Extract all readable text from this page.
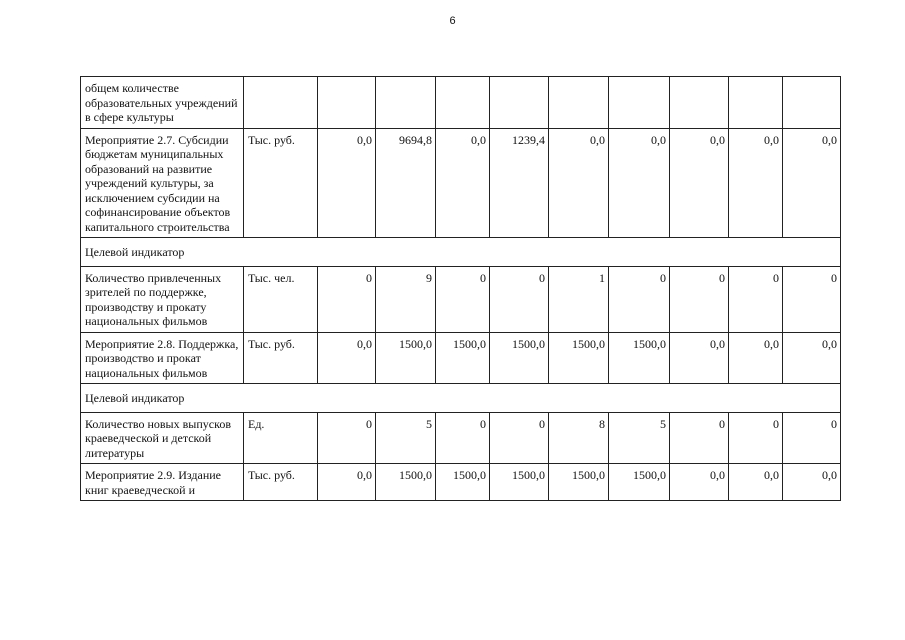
6
общем количестве образовательных учреждений в сфере культуры										
Мероприятие 2.7. Субсидии бюджетам муниципальных образований на развитие учреждений культуры, за исключением субсидии на софинансирование объектов капитального строительства	Тыс. руб.	0,0	9694,8	0,0	1239,4	0,0	0,0	0,0	0,0	0,0
Целевой индикатор										
Количество привлеченных зрителей по поддержке, производству и прокату национальных фильмов	Тыс. чел.	0	9	0	0	1	0	0	0	0
Мероприятие 2.8. Поддержка, производство и прокат национальных фильмов	Тыс. руб.	0,0	1500,0	1500,0	1500,0	1500,0	1500,0	0,0	0,0	0,0
Целевой индикатор										
Количество новых выпусков краеведческой и детской литературы	Ед.	0	5	0	0	8	5	0	0	0
Мероприятие 2.9. Издание книг краеведческой и	Тыс. руб.	0,0	1500,0	1500,0	1500,0	1500,0	1500,0	0,0	0,0	0,0
